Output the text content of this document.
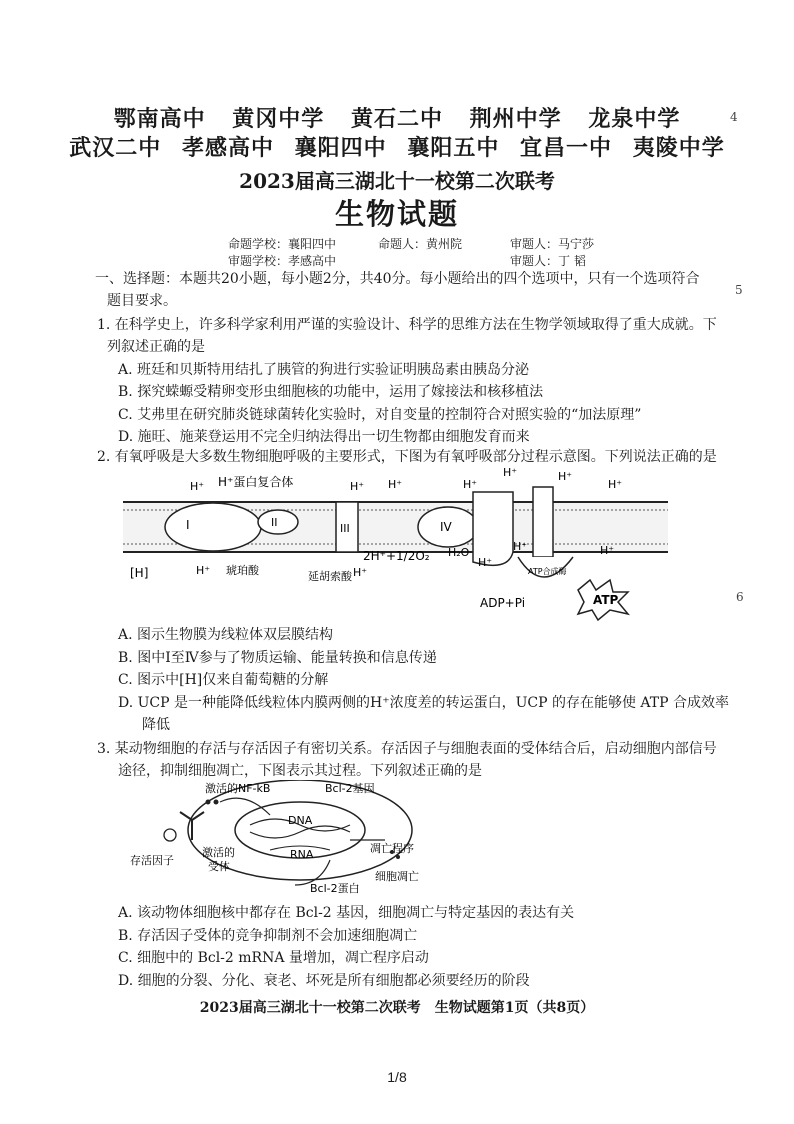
鄂南高中 黄冈中学 黄石二中 荆州中学 龙泉中学
武汉二中 孝感高中 襄阳四中 襄阳五中 宜昌一中 夷陵中学
2023届高三湖北十一校第二次联考
生物试题
命题学校：襄阳四中	命题人：黄州院	审题人：马宁莎
审题学校：孝感高中	审题人：丁 韬
4
5
6
一、选择题：本题共20小题，每小题2分，共40分。每小题给出的四个选项中，只有一个选项符合
题目要求。
1. 在科学史上，许多科学家利用严谨的实验设计、科学的思维方法在生物学领域取得了重大成就。下
列叙述正确的是
A. 班廷和贝斯特用结扎了胰管的狗进行实验证明胰岛素由胰岛分泌
B. 探究蝾螈受精卵变形虫细胞核的功能中，运用了嫁接法和核移植法
C. 艾弗里在研究肺炎链球菌转化实验时，对自变量的控制符合对照实验的“加法原理”
D. 施旺、施莱登运用不完全归纳法得出一切生物都由细胞发育而来
2. 有氧呼吸是大多数生物细胞呼吸的主要形式，下图为有氧呼吸部分过程示意图。下列说法正确的是
H⁺ H⁺蛋白复合体	H⁺ H⁺	H⁺
H⁺	H⁺
H⁺
I	II	III	IV
[H]	H⁺ 琥珀酸	延胡索酸
2H⁺+1/2O₂ H₂O
H⁺
H⁺
H⁺	H⁺
ATP合成酶
ADP+Pi	ATP
A. 图示生物膜为线粒体双层膜结构
B. 图中Ⅰ至Ⅳ参与了物质运输、能量转换和信息传递
C. 图示中[H]仅来自葡萄糖的分解
D. UCP 是一种能降低线粒体内膜两侧的H⁺浓度差的转运蛋白，UCP 的存在能够使 ATP 合成效率
降低
3. 某动物细胞的存活与存活因子有密切关系。存活因子与细胞表面的受体结合后，启动细胞内部信号
途径，抑制细胞凋亡，下图表示其过程。下列叙述正确的是
激活的NF-kB	Bcl-2基因
DNA
RNA	凋亡程序
存活因子
激活的
受体
Bcl-2蛋白
细胞凋亡
A. 该动物体细胞核中都存在 Bcl-2 基因，细胞凋亡与特定基因的表达有关
B. 存活因子受体的竞争抑制剂不会加速细胞凋亡
C. 细胞中的 Bcl-2 mRNA 量增加，凋亡程序启动
D. 细胞的分裂、分化、衰老、坏死是所有细胞都必须要经历的阶段
2023届高三湖北十一校第二次联考　生物试题第1页（共8页）
1/8
